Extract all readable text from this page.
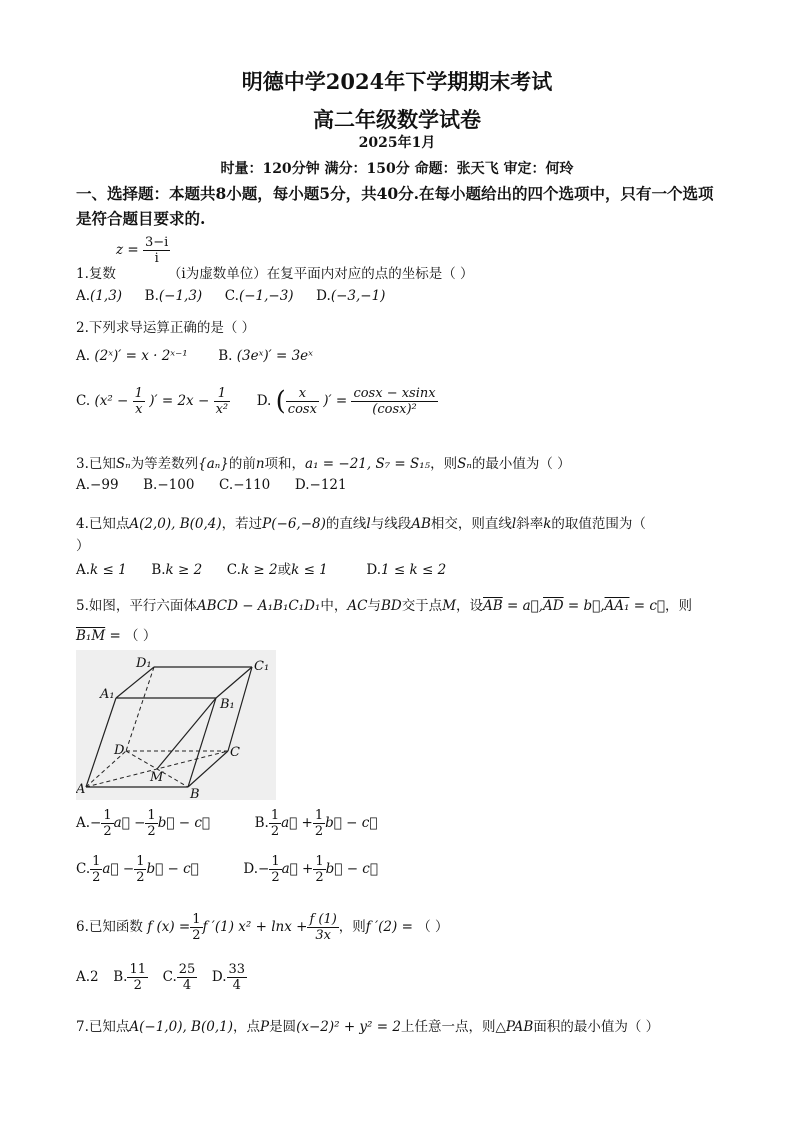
明德中学2024年下学期期末考试
高二年级数学试卷
2025年1月
时量：120分钟 满分：150分 命题：张天飞 审定：何玲
一、选择题：本题共8小题，每小题5分，共40分.在每小题给出的四个选项中，只有一个选项
是符合题目要求的.
$z = \frac{3-i}{i}$
1.复数	（i为虚数单位）在复平面内对应的点的坐标是（ ）
A.(1,3) B.(−1,3) C.(−1,−3) D.(−3,−1)
2.下列求导运算正确的是（ ）
A. (2ˣ)′ = x · 2ˣ⁻¹ B. (3eˣ)′ = 3eˣ
C. ($x^2 - \frac{1}{x}$ )′ = $2x - \frac{1}{\text{x²}} D$. ( $\frac{x}{\cos x}$ )′ = $\frac{\cos x - xsinx}{\text{(cosx)²}}$
3.已知Sₙ为等差数列{aₙ}的前n项和，a₁ = −21, S₇ = S₁₅，则Sₙ的最小值为（ ）
A.−99 B.−100 C.−110 D.−121
4.已知点A(2,0), B(0,4)，若过P(−6,−8)的直线l与线段AB相交，则直线l斜率k的取值范围为（
）
A.k ≤ 1 B.k ≥ 2 C.k ≥ 2或k ≤ 1	D.1 ≤ k ≤ 2
5.如图，平行六面体ABCD − A₁B₁C₁D₁中，AC与BD交于点M，设$\overline{AB}$ = $a⃗,\overline{AD}$ = b⃗,AA₁ = c⃗，则
B₁M = （ ）
D₁	C₁
A₁
B₁
D	C
M
A	B
$A.- \frac{1}{2}$ a⃗ − $\frac{1}{2}$ b⃗ − c⃗	B. $\frac{1}{2}$ a⃗ + $\frac{1}{2}$ b⃗ − c⃗
C. $\frac{1}{2}$ a⃗ − $\frac{1}{2}$ b⃗ − c⃗	$D.- \frac{1}{2}$ a⃗ + $\frac{1}{2}$ b⃗ − c⃗
6.已知函数 f $(x) = \frac{1}{2}$ f ′(1) $x^2 + \ln x + \frac{f (1)}{3x}$ ，则f ′(2) = （ ）
A.2 B. $\frac{11}{2} C$. $\frac{25}{4} D$. $\frac{33}{4}$
7.已知点A(−1,0), B(0,1)，点P是圆(x−2)² + y² = 2上任意一点，则△PAB面积的最小值为（ ）
